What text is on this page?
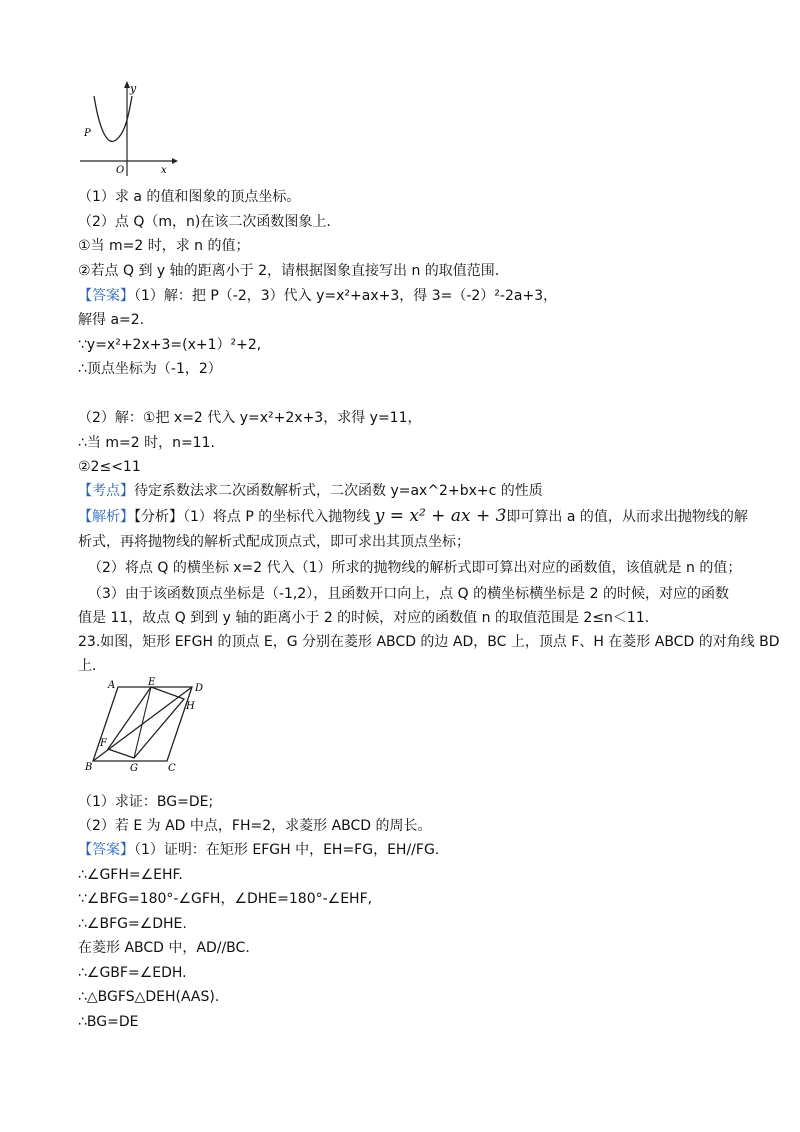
y
x
P
O
（1）求 a 的值和图象的顶点坐标。
（2）点 Q（m，n)在该二次函数图象上.
①当 m=2 时，求 n 的值；
②若点 Q 到 y 轴的距离小于 2，请根据图象直接写出 n 的取值范围.
【答案】（1）解：把 P（-2，3）代入 y=x²+ax+3，得 3=（-2）²-2a+3，
解得 a=2.
∵y=x²+2x+3=(x+1）²+2,
∴顶点坐标为（-1，2）
（2）解：①把 x=2 代入 y=x²+2x+3，求得 y=11，
∴当 m=2 时，n=11.
②2≤<11
【考点】待定系数法求二次函数解析式，二次函数 y=ax^2+bx+c 的性质
【解析】【分析】（1）将点 P 的坐标代入抛物线 y = x² + ax + 3即可算出 a 的值，从而求出抛物线的解
析式，再将抛物线的解析式配成顶点式，即可求出其顶点坐标；
（2）将点 Q 的横坐标 x=2 代入（1）所求的抛物线的解析式即可算出对应的函数值，该值就是 n 的值；
（3）由于该函数顶点坐标是（-1,2），且函数开口向上，点 Q 的横坐标横坐标是 2 的时候，对应的函数
值是 11，故点 Q 到到 y 轴的距离小于 2 的时候，对应的函数值 n 的取值范围是 2≤n＜11.
23.如图，矩形 EFGH 的顶点 E，G 分别在菱形 ABCD 的边 AD，BC 上，顶点 F、H 在菱形 ABCD 的对角线 BD
上.
A	E
D
H
F
B	G	C
（1）求证：BG=DE;
（2）若 E 为 AD 中点，FH=2，求菱形 ABCD 的周长。
【答案】（1）证明：在矩形 EFGH 中，EH=FG，EH//FG.
∴∠GFH=∠EHF.
∵∠BFG=180°-∠GFH，∠DHE=180°-∠EHF,
∴∠BFG=∠DHE.
在菱形 ABCD 中，AD//BC.
∴∠GBF=∠EDH.
∴△BGFS△DEH(AAS).
∴BG=DE
